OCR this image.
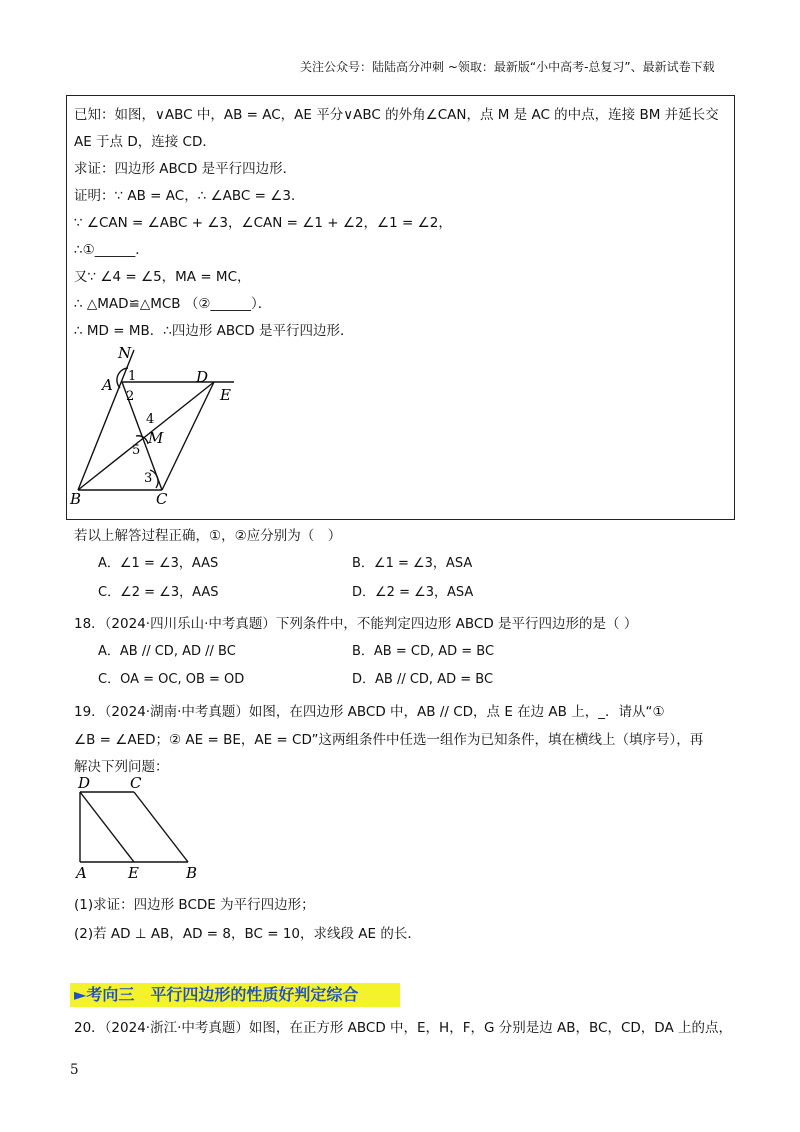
关注公众号：陆陆高分冲刺 ~领取：最新版“小中高考-总复习”、最新试卷下载
已知：如图，∨ABC 中，AB = AC，AE 平分∨ABC 的外角∠CAN，点 M 是 AC 的中点，连接 BM 并延长交
AE 于点 D，连接 CD．
求证：四边形 ABCD 是平行四边形．
证明：∵ AB = AC，∴ ∠ABC = ∠3．
∵ ∠CAN = ∠ABC + ∠3，∠CAN = ∠1 + ∠2，∠1 = ∠2，
∴①______．
又∵ ∠4 = ∠5，MA = MC，
∴ △MAD≌△MCB （②______）．
∴ MD = MB．∴四边形 ABCD 是平行四边形．
N
A	D
E
B	C
M
1
2
4
5
3
若以上解答过程正确，①，②应分别为（　）
A．∠1 = ∠3，AAS	B．∠1 = ∠3，ASA
C．∠2 = ∠3，AAS	D．∠2 = ∠3，ASA
18．（2024·四川乐山·中考真题）下列条件中，不能判定四边形 ABCD 是平行四边形的是（ ）
A．AB // CD, AD // BC	B．AB = CD, AD = BC
C．OA = OC, OB = OD	D．AB // CD, AD = BC
19．（2024·湖南·中考真题）如图，在四边形 ABCD 中，AB // CD，点 E 在边 AB 上，_．请从“①
∠B = ∠AED；② AE = BE，AE = CD”这两组条件中任选一组作为已知条件，填在横线上（填序号），再
解决下列问题：
D	C
A	E	B
(1)求证：四边形 BCDE 为平行四边形；
(2)若 AD ⊥ AB，AD = 8，BC = 10，求线段 AE 的长．
►考向三　平行四边形的性质好判定综合
20．（2024·浙江·中考真题）如图，在正方形 ABCD 中，E，H，F，G 分别是边 AB，BC，CD，DA 上的点，
5
